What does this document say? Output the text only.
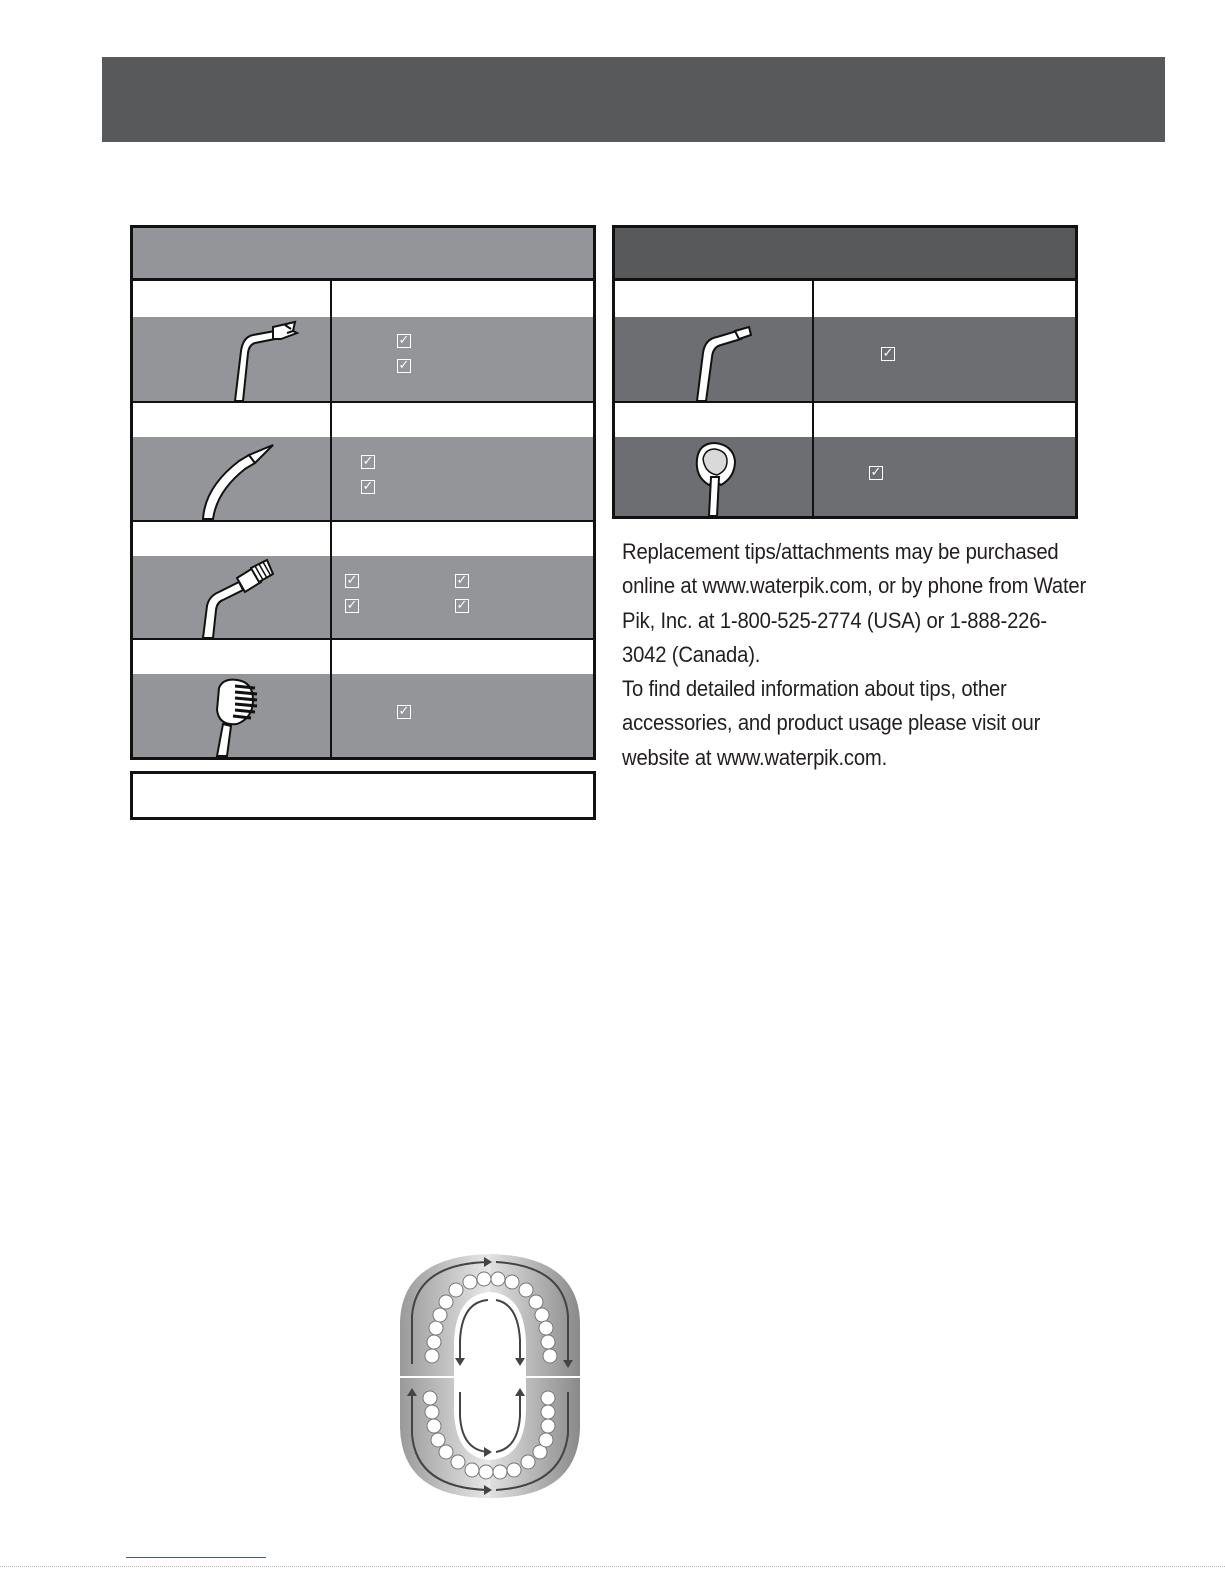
✓
✓
✓
✓
✓
✓
✓
✓
✓
✓
✓

Replacement tips/attachments may be purchased online at www.waterpik.com, or by phone from Water Pik, Inc. at 1-800-525-2774 (USA) or 1-888-226-3042 (Canada).

To find detailed information about tips, other accessories, and product usage please visit our website at www.waterpik.com.
